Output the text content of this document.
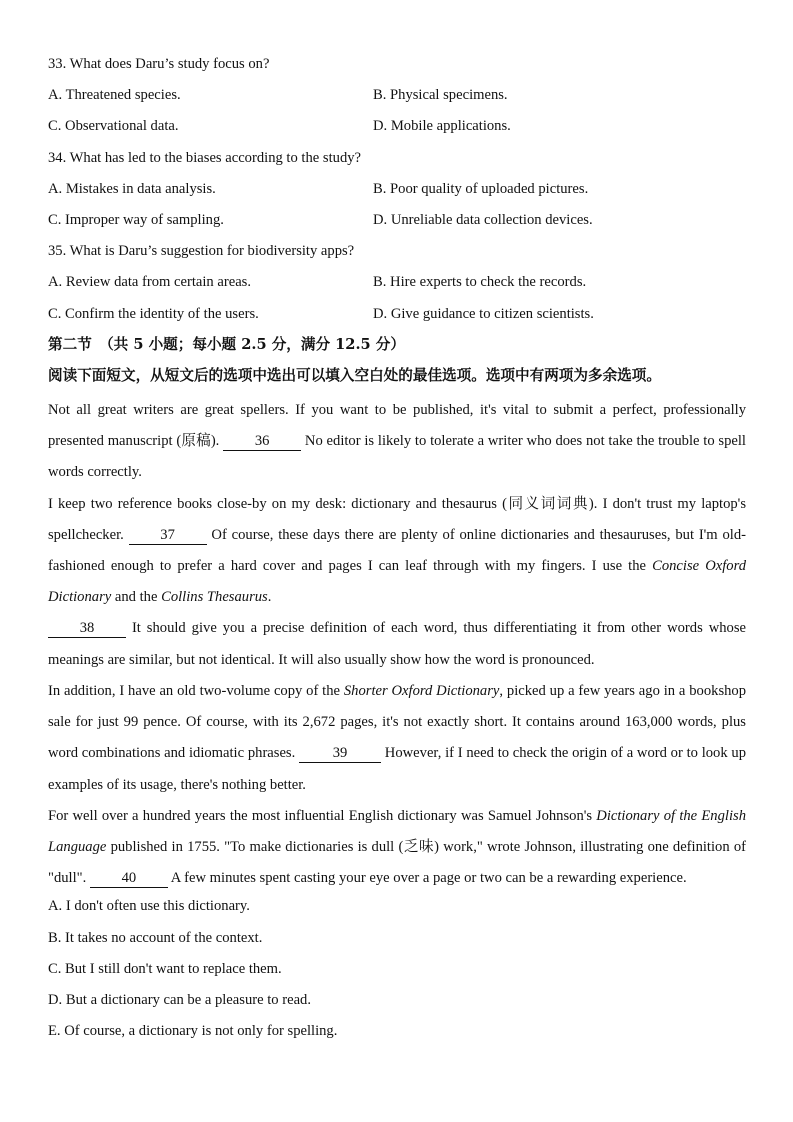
33. What does Daru’s study focus on?
A. Threatened species.	B. Physical specimens.
C. Observational data.	D. Mobile applications.
34. What has led to the biases according to the study?
A. Mistakes in data analysis.	B. Poor quality of uploaded pictures.
C. Improper way of sampling.	D. Unreliable data collection devices.
35. What is Daru’s suggestion for biodiversity apps?
A. Review data from certain areas.	B. Hire experts to check the records.
C. Confirm the identity of the users.	D. Give guidance to citizen scientists.
第二节　（共 5 小题；每小题 2.5 分，满分 12.5 分）
阅读下面短文，从短文后的选项中选出可以填入空白处的最佳选项。选项中有两项为多余选项。
Not all great writers are great spellers. If you want to be published, it's vital to submit a perfect, professionally presented manuscript (原稿). 36 No editor is likely to tolerate a writer who does not take the trouble to spell words correctly.
I keep two reference books close-by on my desk: dictionary and thesaurus (同义词词典). I don't trust my laptop's spellchecker. 37 Of course, these days there are plenty of online dictionaries and thesauruses, but I'm old-fashioned enough to prefer a hard cover and pages I can leaf through with my fingers. I use the Concise Oxford Dictionary and the Collins Thesaurus.
38 It should give you a precise definition of each word, thus differentiating it from other words whose meanings are similar, but not identical. It will also usually show how the word is pronounced.
In addition, I have an old two-volume copy of the Shorter Oxford Dictionary, picked up a few years ago in a bookshop sale for just 99 pence. Of course, with its 2,672 pages, it's not exactly short. It contains around 163,000 words, plus word combinations and idiomatic phrases. 39 However, if I need to check the origin of a word or to look up examples of its usage, there's nothing better.
For well over a hundred years the most influential English dictionary was Samuel Johnson's Dictionary of the English Language published in 1755. "To make dictionaries is dull (乏味) work," wrote Johnson, illustrating one definition of "dull". 40 A few minutes spent casting your eye over a page or two can be a rewarding experience.
A. I don't often use this dictionary.
B. It takes no account of the context.
C. But I still don't want to replace them.
D. But a dictionary can be a pleasure to read.
E. Of course, a dictionary is not only for spelling.
